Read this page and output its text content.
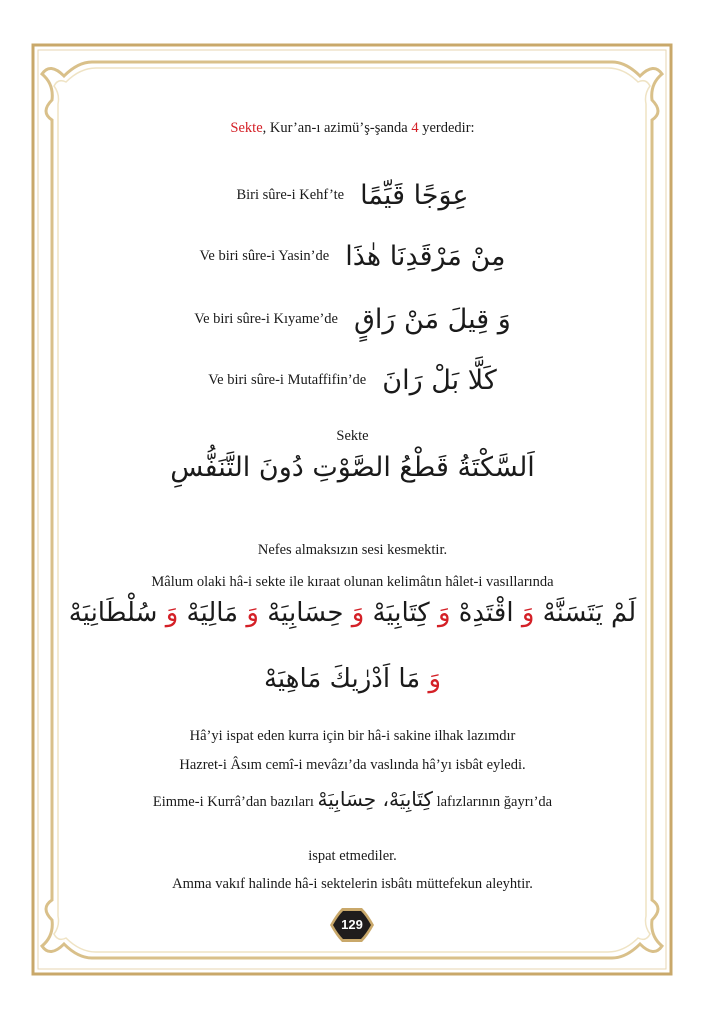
Sekte, Kur’an-ı azimü’ş-şanda 4 yerdedir:
Biri sûre-i Kehf’te عِوَجًا قَيِّمًا
Ve biri sûre-i Yasin’de مِنْ مَرْقَدِنَا هٰذَا
Ve biri sûre-i Kıyame’de وَ قِيلَ مَنْ رَاقٍ
Ve biri sûre-i Mutaffifin’de كَلَّا بَلْ رَانَ
Sekte
اَلسَّكْتَةُ قَطْعُ الصَّوْتِ دُونَ التَّنَفُّسِ
Nefes almaksızın sesi kesmektir.
Mâlum olaki hâ-i sekte ile kıraat olunan kelimâtın hâlet-i vasıllarında
لَمْ يَتَسَنَّهْ وَ اقْتَدِهْ وَ كِتَابِيَهْ وَ حِسَابِيَهْ وَ مَالِيَهْ وَ سُلْطَانِيَهْ
وَ مَا اَدْرٰيكَ مَاهِيَهْ
Hâ’yi ispat eden kurra için bir hâ-i sakine ilhak lazımdır
Hazret-i Âsım cemî-i mevâzı’da vaslında hâ’yı isbât eyledi.
Eimme-i Kurrâ’dan bazıları كِتَابِيَهْ، حِسَابِيَهْ lafızlarının ğayrı’da
ispat etmediler.
Amma vakıf halinde hâ-i sektelerin isbâtı müttefekun aleyhtir.
129
